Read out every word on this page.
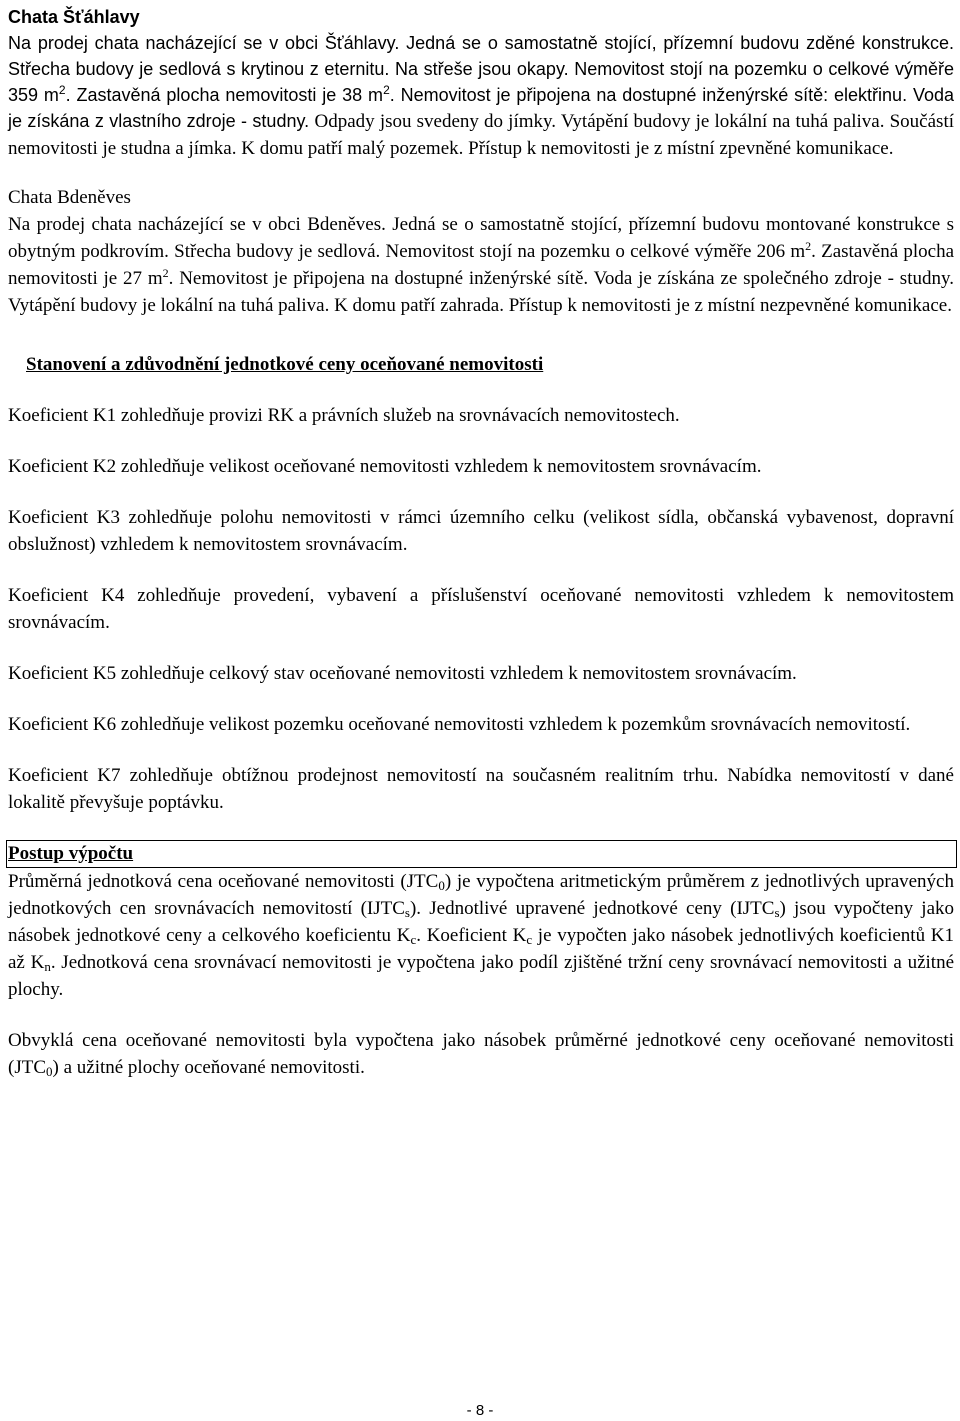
Chata Šťáhlavy

Na prodej chata nacházející se v obci Šťáhlavy. Jedná se o samostatně stojící, přízemní budovu zděné konstrukce. Střecha budovy je sedlová s krytinou z eternitu. Na střeše jsou okapy. Nemovitost stojí na pozemku o celkové výměře 359 $m^2$. Zastavěná plocha nemovitosti je 38 $m^2$. Nemovitost je připojena na dostupné inženýrské sítě: elektřinu. Voda je získána z vlastního zdroje - studny. Odpady jsou svedeny do jímky. Vytápění budovy je lokální na tuhá paliva. Součástí nemovitosti je studna a jímka. K domu patří malý pozemek. Přístup k nemovitosti je z místní zpevněné komunikace.

Chata Bdeněves

Na prodej chata nacházející se v obci Bdeněves. Jedná se o samostatně stojící, přízemní budovu montované konstrukce s obytným podkrovím. Střecha budovy je sedlová. Nemovitost stojí na pozemku o celkové výměře 206 $m^2$. Zastavěná plocha nemovitosti je 27 $m^2$. Nemovitost je připojena na dostupné inženýrské sítě. Voda je získána ze společného zdroje - studny. Vytápění budovy je lokální na tuhá paliva. K domu patří zahrada. Přístup k nemovitosti je z místní nezpevněné komunikace.

Stanovení a zdůvodnění jednotkové ceny oceňované nemovitosti

Koeficient K1 zohledňuje provizi RK a právních služeb na srovnávacích nemovitostech.

Koeficient K2 zohledňuje velikost oceňované nemovitosti vzhledem k nemovitostem srovnávacím.

Koeficient K3 zohledňuje polohu nemovitosti v rámci územního celku (velikost sídla, občanská vybavenost, dopravní obslužnost) vzhledem k nemovitostem srovnávacím.

Koeficient K4 zohledňuje provedení, vybavení a příslušenství oceňované nemovitosti vzhledem k nemovitostem srovnávacím.

Koeficient K5 zohledňuje celkový stav oceňované nemovitosti vzhledem k nemovitostem srovnávacím.

Koeficient K6 zohledňuje velikost pozemku oceňované nemovitosti vzhledem k pozemkům srovnávacích nemovitostí.

Koeficient K7 zohledňuje obtížnou prodejnost nemovitostí na současném realitním trhu. Nabídka nemovitostí v dané lokalitě převyšuje poptávku.

Postup výpočtu

Průměrná jednotková cena oceňované nemovitosti $(JTC_0)$ je vypočtena aritmetickým průměrem z jednotlivých upravených jednotkových cen srovnávacích nemovitostí $(IJTC_s)$. Jednotlivé upravené jednotkové ceny $(IJTC_s)$ jsou vypočteny jako násobek jednotkové ceny a celkového koeficientu $K_c$. Koeficient $K_c$ je vypočten jako násobek jednotlivých koeficientů K1 až $K_n$. Jednotková cena srovnávací nemovitosti je vypočtena jako podíl zjištěné tržní ceny srovnávací nemovitosti a užitné plochy.

Obvyklá cena oceňované nemovitosti byla vypočtena jako násobek průměrné jednotkové ceny oceňované nemovitosti $(JTC_0)$ a užitné plochy oceňované nemovitosti.

- 8 -
